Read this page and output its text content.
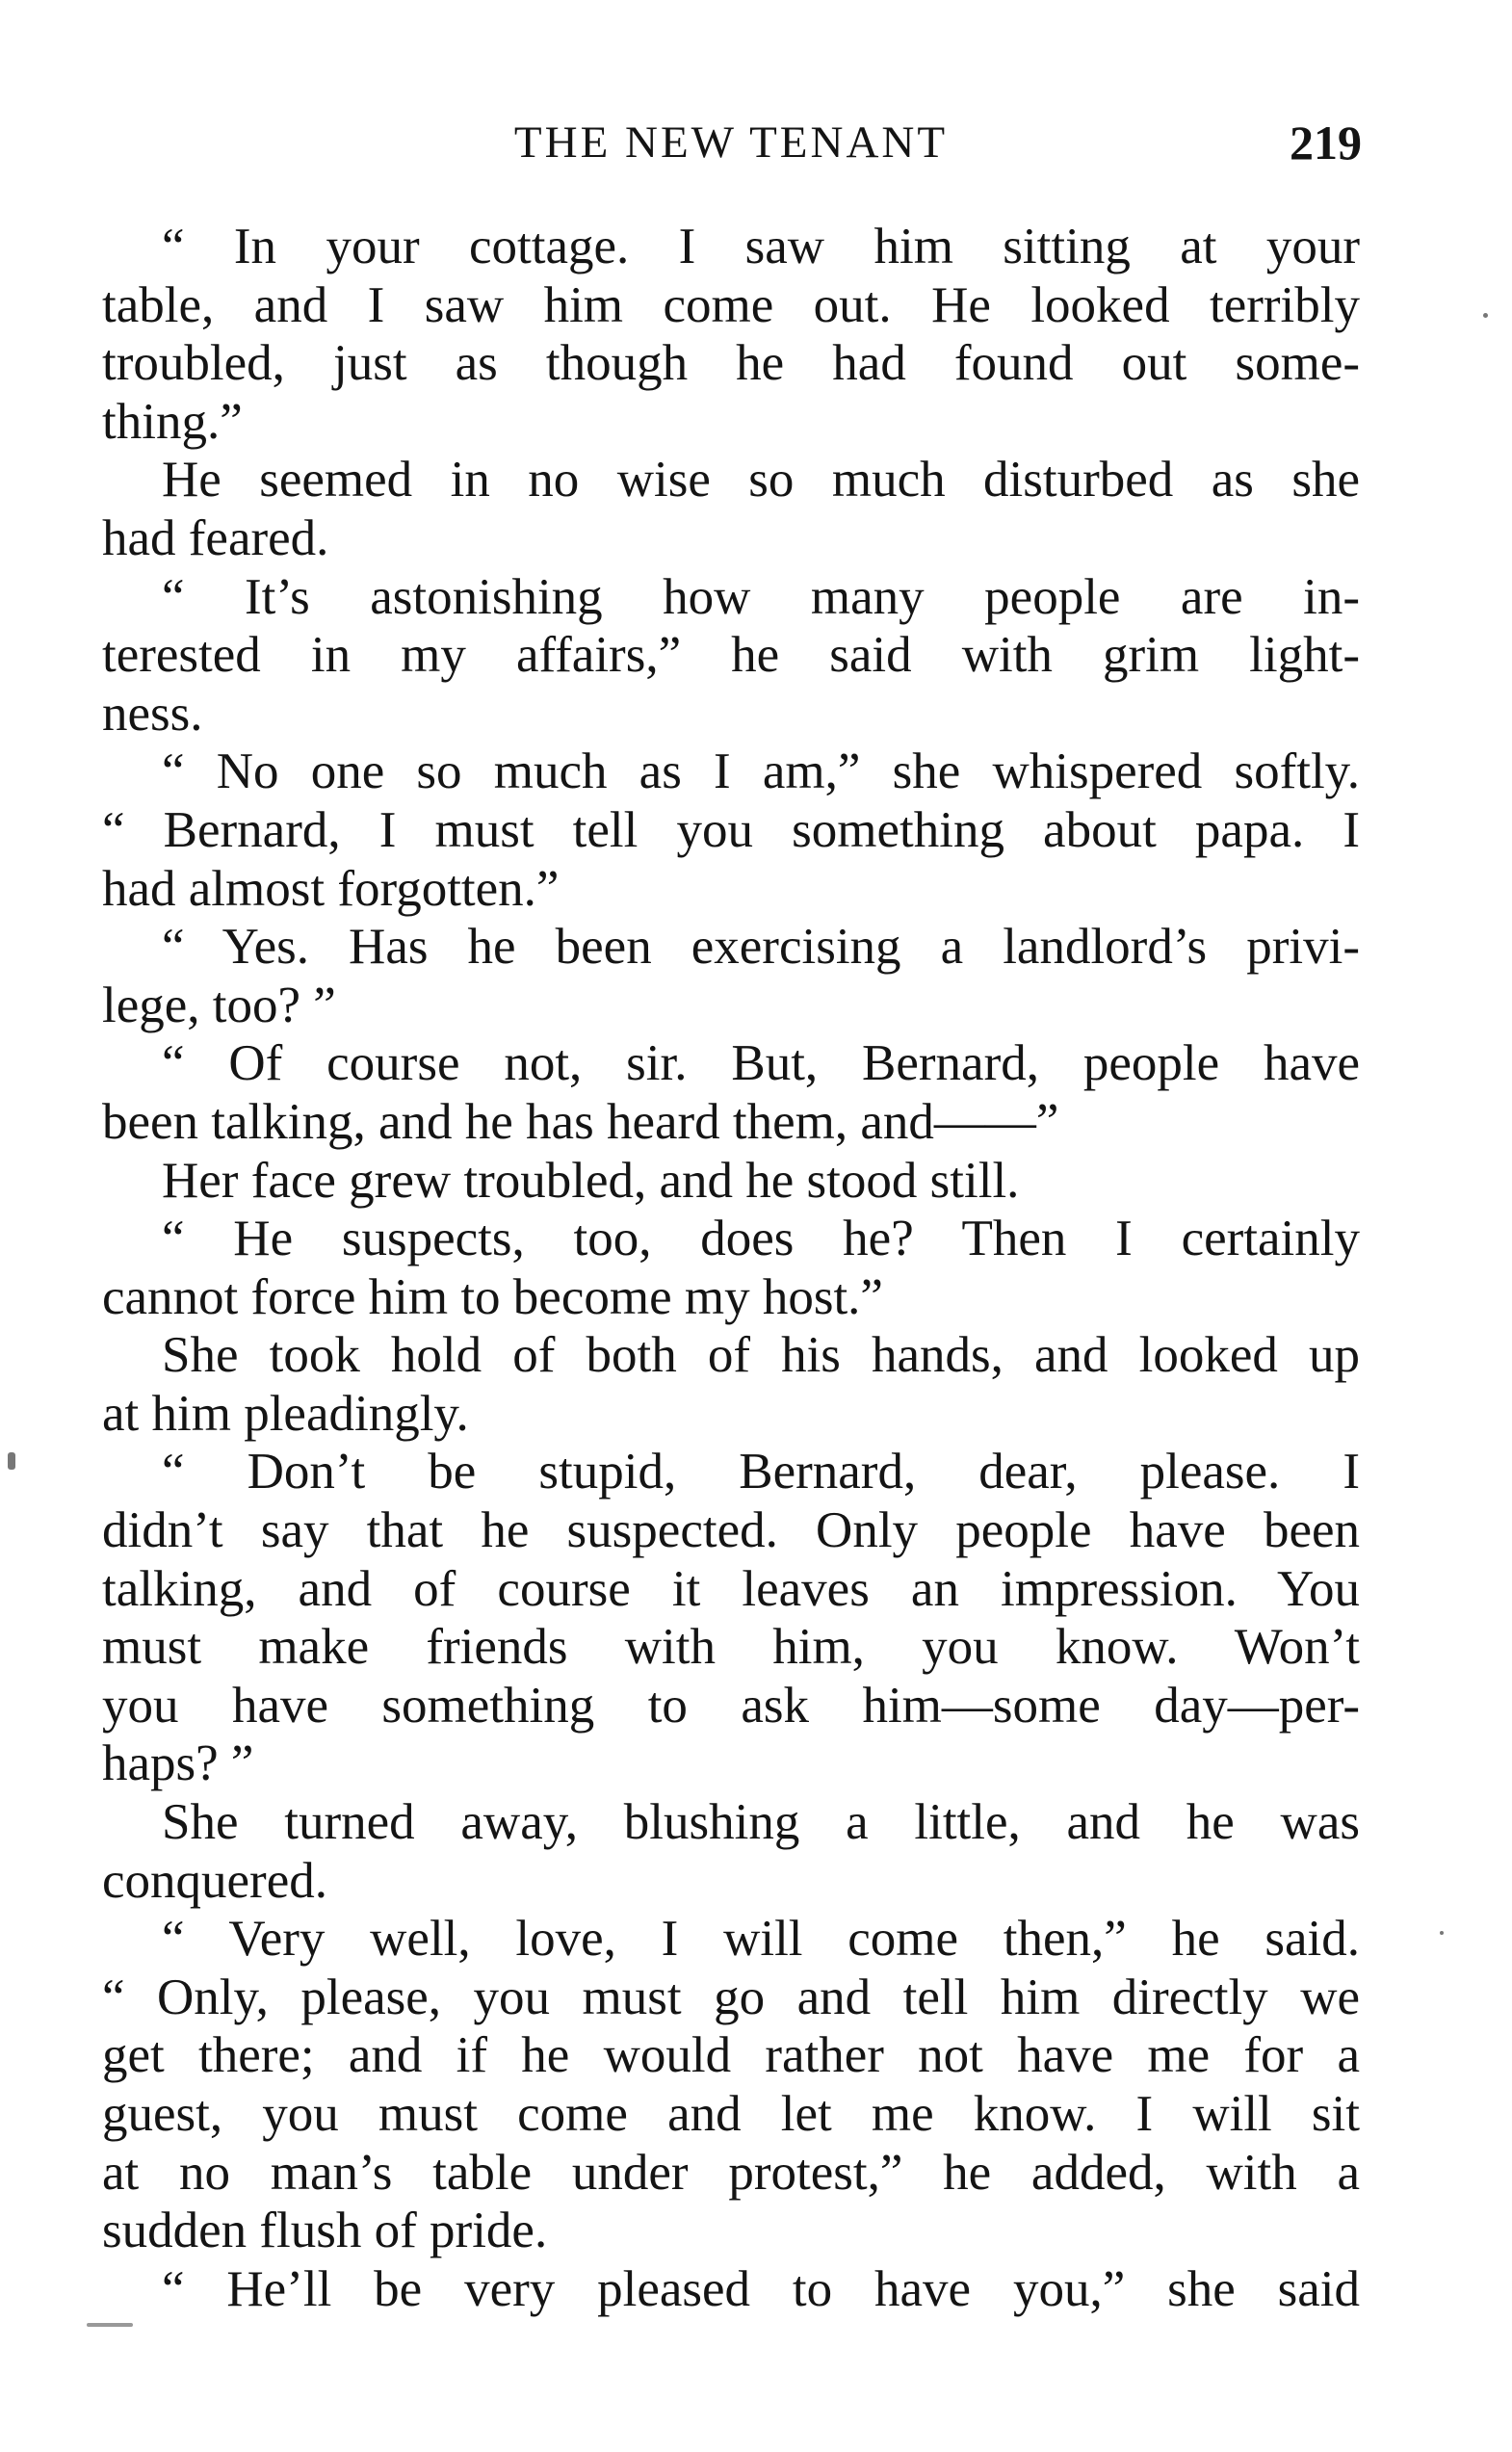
THE NEW TENANT	219
“ In your cottage. I saw him sitting at your
table, and I saw him come out. He looked terribly
troubled, just as though he had found out some-
thing.”
He seemed in no wise so much disturbed as she
had feared.
“ It’s astonishing how many people are in-
terested in my affairs,” he said with grim light-
ness.
“ No one so much as I am,” she whispered softly.
“ Bernard, I must tell you something about papa. I
had almost forgotten.”
“ Yes. Has he been exercising a landlord’s privi-
lege, too? ”
“ Of course not, sir. But, Bernard, people have
been talking, and he has heard them, and——”
Her face grew troubled, and he stood still.
“ He suspects, too, does he? Then I certainly
cannot force him to become my host.”
She took hold of both of his hands, and looked up
at him pleadingly.
“ Don’t be stupid, Bernard, dear, please. I
didn’t say that he suspected. Only people have been
talking, and of course it leaves an impression. You
must make friends with him, you know. Won’t
you have something to ask him—some day—per-
haps? ”
She turned away, blushing a little, and he was
conquered.
“ Very well, love, I will come then,” he said.
“ Only, please, you must go and tell him directly we
get there; and if he would rather not have me for a
guest, you must come and let me know. I will sit
at no man’s table under protest,” he added, with a
sudden flush of pride.
“ He’ll be very pleased to have you,” she said
